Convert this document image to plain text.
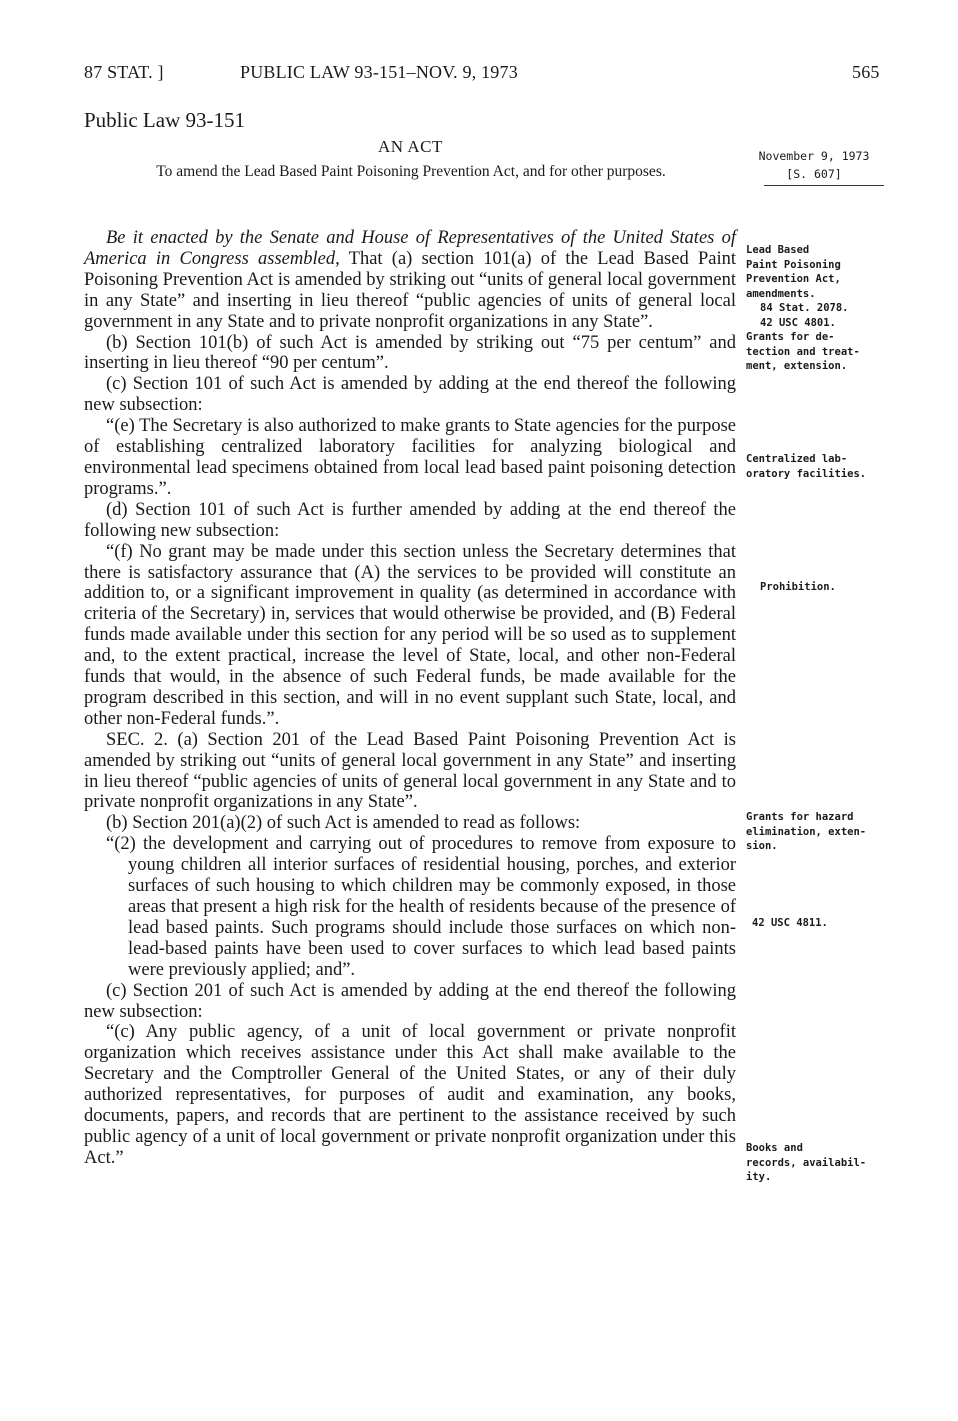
87 STAT. ]	PUBLIC LAW 93-151–NOV. 9, 1973	565
Public Law 93-151
AN ACT
To amend the Lead Based Paint Poisoning Prevention Act, and for other purposes.
November 9, 1973
[S. 607]

Be it enacted by the Senate and House of Representatives of the United States of America in Congress assembled, That (a) section 101(a) of the Lead Based Paint Poisoning Prevention Act is amended by striking out “units of general local government in any State” and inserting in lieu thereof “public agencies of units of general local government in any State and to private nonprofit organizations in any State”.

(b) Section 101(b) of such Act is amended by striking out “75 per centum” and inserting in lieu thereof “90 per centum”.

(c) Section 101 of such Act is amended by adding at the end thereof the following new subsection:

“(e) The Secretary is also authorized to make grants to State agencies for the purpose of establishing centralized laboratory facilities for analyzing biological and environmental lead specimens obtained from local lead based paint poisoning detection programs.”.

(d) Section 101 of such Act is further amended by adding at the end thereof the following new subsection:

“(f) No grant may be made under this section unless the Secretary determines that there is satisfactory assurance that (A) the services to be provided will constitute an addition to, or a significant improvement in quality (as determined in accordance with criteria of the Secretary) in, services that would otherwise be provided, and (B) Federal funds made available under this section for any period will be so used as to supplement and, to the extent practical, increase the level of State, local, and other non-Federal funds that would, in the absence of such Federal funds, be made available for the program described in this section, and will in no event supplant such State, local, and other non-Federal funds.”.

SEC. 2. (a) Section 201 of the Lead Based Paint Poisoning Prevention Act is amended by striking out “units of general local government in any State” and inserting in lieu thereof “public agencies of units of general local government in any State and to private nonprofit organizations in any State”.

(b) Section 201(a)(2) of such Act is amended to read as follows:

“(2) the development and carrying out of procedures to remove from exposure to young children all interior surfaces of residential housing, porches, and exterior surfaces of such housing to which children may be commonly exposed, in those areas that present a high risk for the health of residents because of the presence of lead based paints. Such programs should include those surfaces on which non-lead-based paints have been used to cover surfaces to which lead based paints were previously applied; and”.

(c) Section 201 of such Act is amended by adding at the end thereof the following new subsection:

“(c) Any public agency, of a unit of local government or private nonprofit organization which receives assistance under this Act shall make available to the Secretary and the Comptroller General of the United States, or any of their duly authorized representatives, for purposes of audit and examination, any books, documents, papers, and records that are pertinent to the assistance received by such public agency of a unit of local government or private nonprofit organization under this Act.”

Lead Based
Paint Poisoning
Prevention Act,
amendments.
84 Stat. 2078.
42 USC 4801.
Grants for de-
tection and treat-
ment, extension.
Centralized lab-
oratory facilities.
Prohibition.
Grants for hazard
elimination, exten-
sion.
42 USC 4811.
Books and
records, availabil-
ity.
